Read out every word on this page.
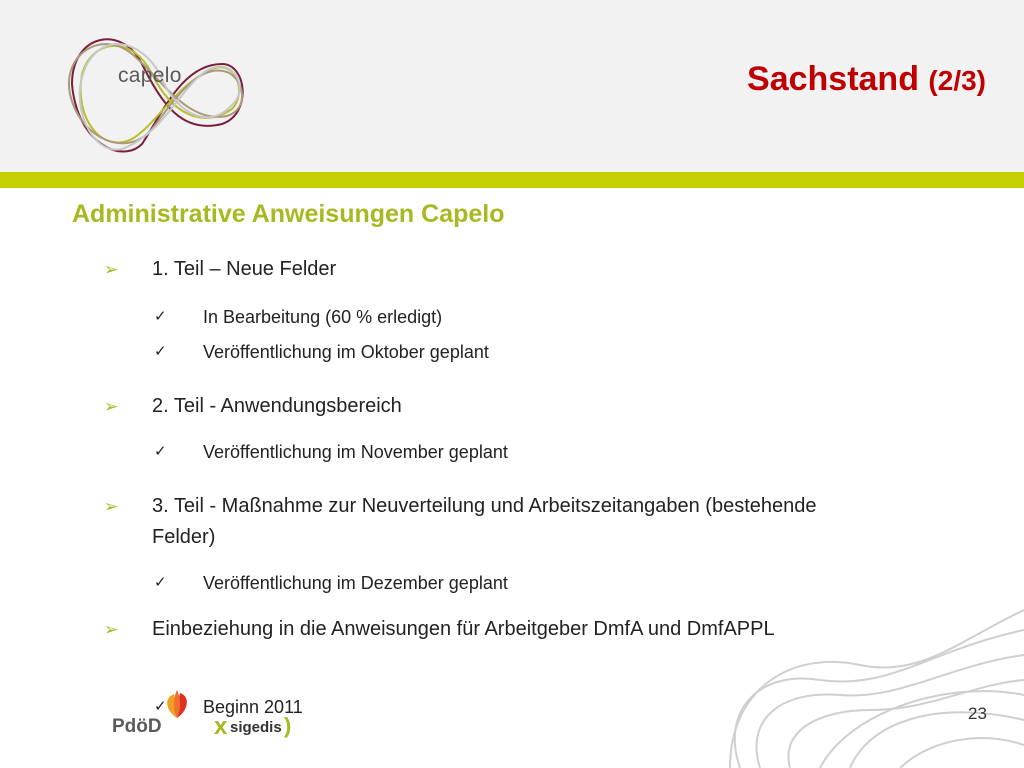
capelo	Sachstand (2/3)
Administrative Anweisungen Capelo
➢ 1. Teil – Neue Felder
✓ In Bearbeitung (60 % erledigt)
✓ Veröffentlichung im Oktober geplant
➢ 2. Teil - Anwendungsbereich
✓ Veröffentlichung im November geplant
➢ 3. Teil - Maßnahme zur Neuverteilung und Arbeitszeitangaben (bestehende Felder)
✓ Veröffentlichung im Dezember geplant
➢ Einbeziehung in die Anweisungen für Arbeitgeber DmfA und DmfAPPL
✓ Beginn 2011
PdöD x sigedis )	23
